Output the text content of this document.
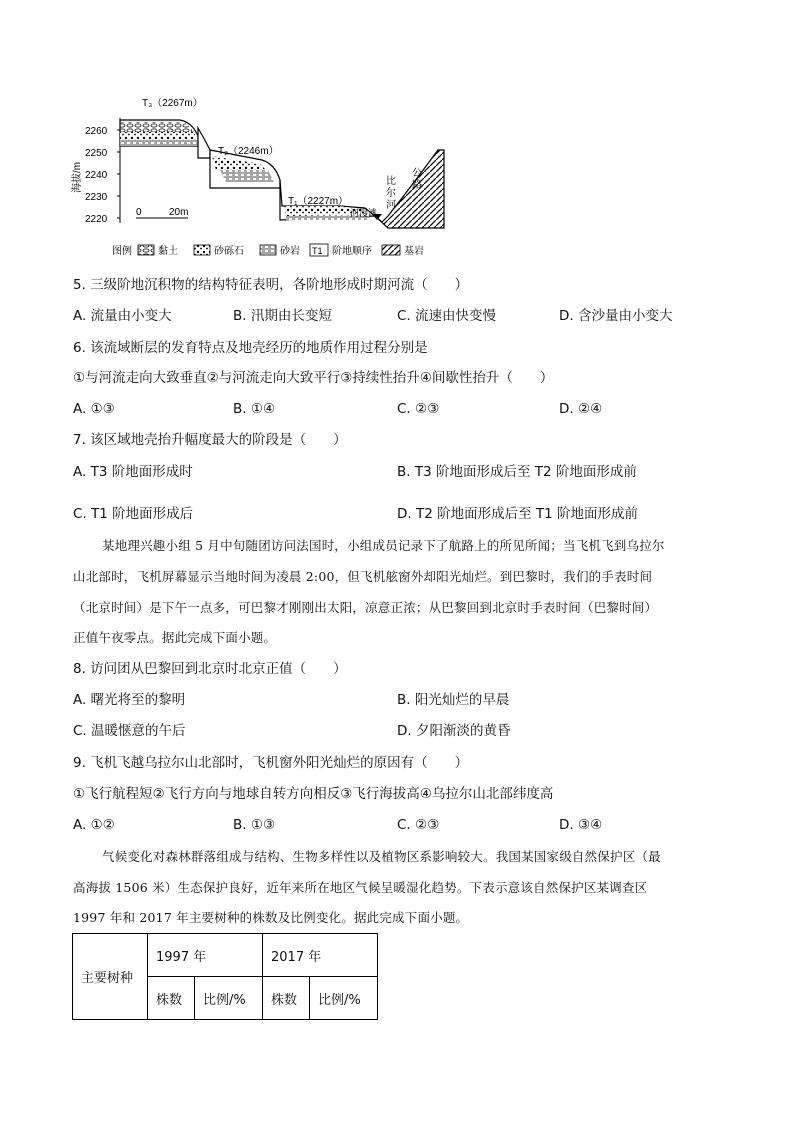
2260
2250
2240
2230
2220
海拔/m
T₃（2267m）
T₂（2246m）
T₁（2227m）
0	20m	河漫滩
比
尔
河
公
路
图例	黏土	砂砾石	砂岩 T1 阶地顺序	基岩
5. 三级阶地沉积物的结构特征表明，各阶地形成时期河流（　　）
A. 流量由小变大	B. 汛期由长变短	C. 流速由快变慢	D. 含沙量由小变大
6. 该流域断层的发育特点及地壳经历的地质作用过程分别是
①与河流走向大致垂直②与河流走向大致平行③持续性抬升④间歇性抬升（　　）
A. ①③	B. ①④	C. ②③	D. ②④
7. 该区域地壳抬升幅度最大的阶段是（　　）
A. T3 阶地面形成时	B. T3 阶地面形成后至 T2 阶地面形成前
C. T1 阶地面形成后	D. T2 阶地面形成后至 T1 阶地面形成前
某地理兴趣小组 5 月中旬随团访问法国时，小组成员记录下了航路上的所见所闻；当飞机飞到乌拉尔
山北部时，飞机屏幕显示当地时间为凌晨 2:00，但飞机舷窗外却阳光灿烂。到巴黎时，我们的手表时间
（北京时间）是下午一点多，可巴黎才刚刚出太阳，凉意正浓；从巴黎回到北京时手表时间（巴黎时间）
正值午夜零点。据此完成下面小题。
8. 访问团从巴黎回到北京时北京正值（　　）
A. 曙光将至的黎明	B. 阳光灿烂的早晨
C. 温暖惬意的午后	D. 夕阳渐淡的黄昏
9. 飞机飞越乌拉尔山北部时，飞机窗外阳光灿烂的原因有（　　）
①飞行航程短②飞行方向与地球自转方向相反③飞行海拔高④乌拉尔山北部纬度高
A. ①②	B. ①③	C. ②③	D. ③④
气候变化对森林群落组成与结构、生物多样性以及植物区系影响较大。我国某国家级自然保护区（最
高海拔 1506 米）生态保护良好，近年来所在地区气候呈暖湿化趋势。下表示意该自然保护区某调查区
1997 年和 2017 年主要树种的株数及比例变化。据此完成下面小题。
主要树种	1997 年		2017 年	
	株数	比例/%	株数	比例/%
